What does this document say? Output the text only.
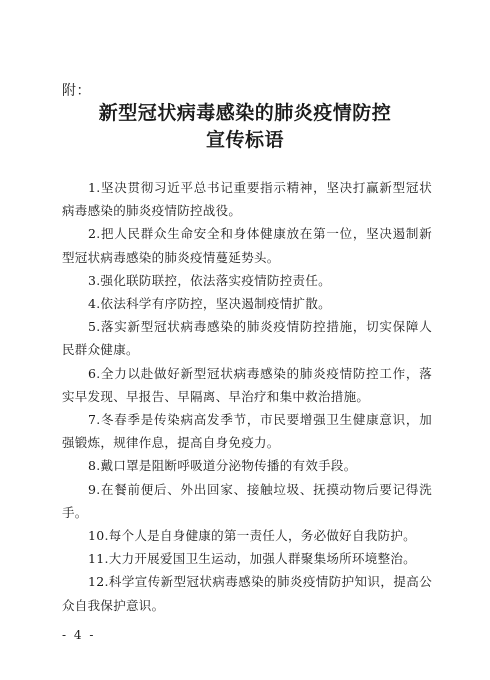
附：
新型冠状病毒感染的肺炎疫情防控
宣传标语

1.坚决贯彻习近平总书记重要指示精神，坚决打赢新型冠状病毒感染的肺炎疫情防控战役。

2.把人民群众生命安全和身体健康放在第一位，坚决遏制新型冠状病毒感染的肺炎疫情蔓延势头。

3.强化联防联控，依法落实疫情防控责任。

4.依法科学有序防控，坚决遏制疫情扩散。

5.落实新型冠状病毒感染的肺炎疫情防控措施，切实保障人民群众健康。

6.全力以赴做好新型冠状病毒感染的肺炎疫情防控工作，落实早发现、早报告、早隔离、早治疗和集中救治措施。

7.冬春季是传染病高发季节，市民要增强卫生健康意识，加强锻炼，规律作息，提高自身免疫力。

8.戴口罩是阻断呼吸道分泌物传播的有效手段。

9.在餐前便后、外出回家、接触垃圾、抚摸动物后要记得洗手。

10.每个人是自身健康的第一责任人，务必做好自我防护。

11.大力开展爱国卫生运动，加强人群聚集场所环境整治。

12.科学宣传新型冠状病毒感染的肺炎疫情防护知识，提高公众自我保护意识。

- 4 -
